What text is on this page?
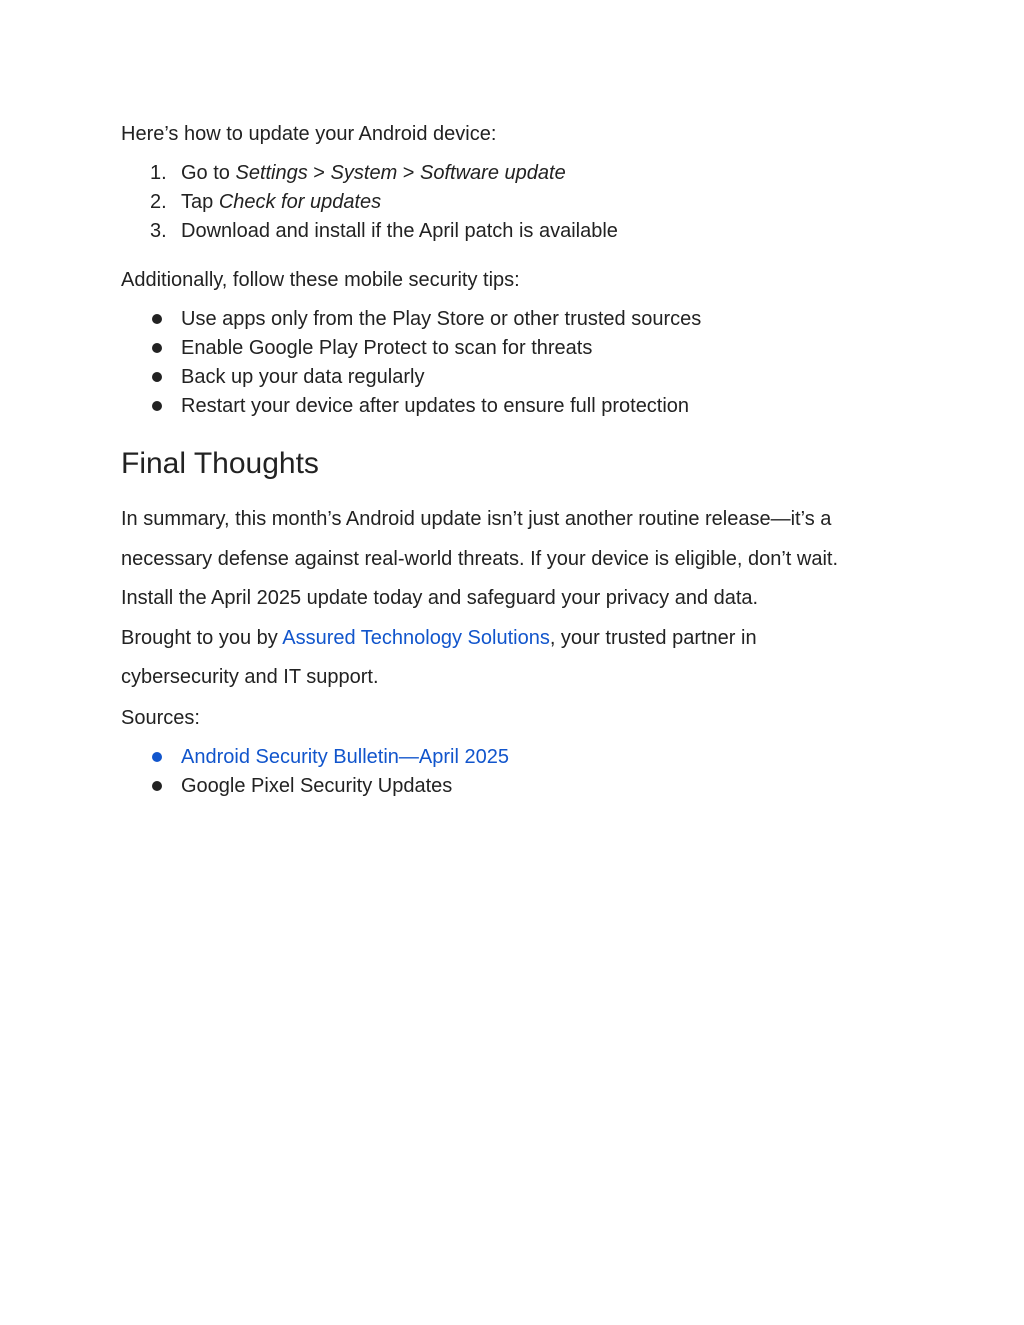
Here’s how to update your Android device:

1. Go to Settings > System > Software update
2. Tap Check for updates
3. Download and install if the April patch is available

Additionally, follow these mobile security tips:

Use apps only from the Play Store or other trusted sources
Enable Google Play Protect to scan for threats
Back up your data regularly
Restart your device after updates to ensure full protection
Final Thoughts
In summary, this month’s Android update isn’t just another routine release—it’s a
necessary defense against real-world threats. If your device is eligible, don’t wait.
Install the April 2025 update today and safeguard your privacy and data.
Brought to you by Assured Technology Solutions, your trusted partner in
cybersecurity and IT support.

Sources:

Android Security Bulletin—April 2025
Google Pixel Security Updates
